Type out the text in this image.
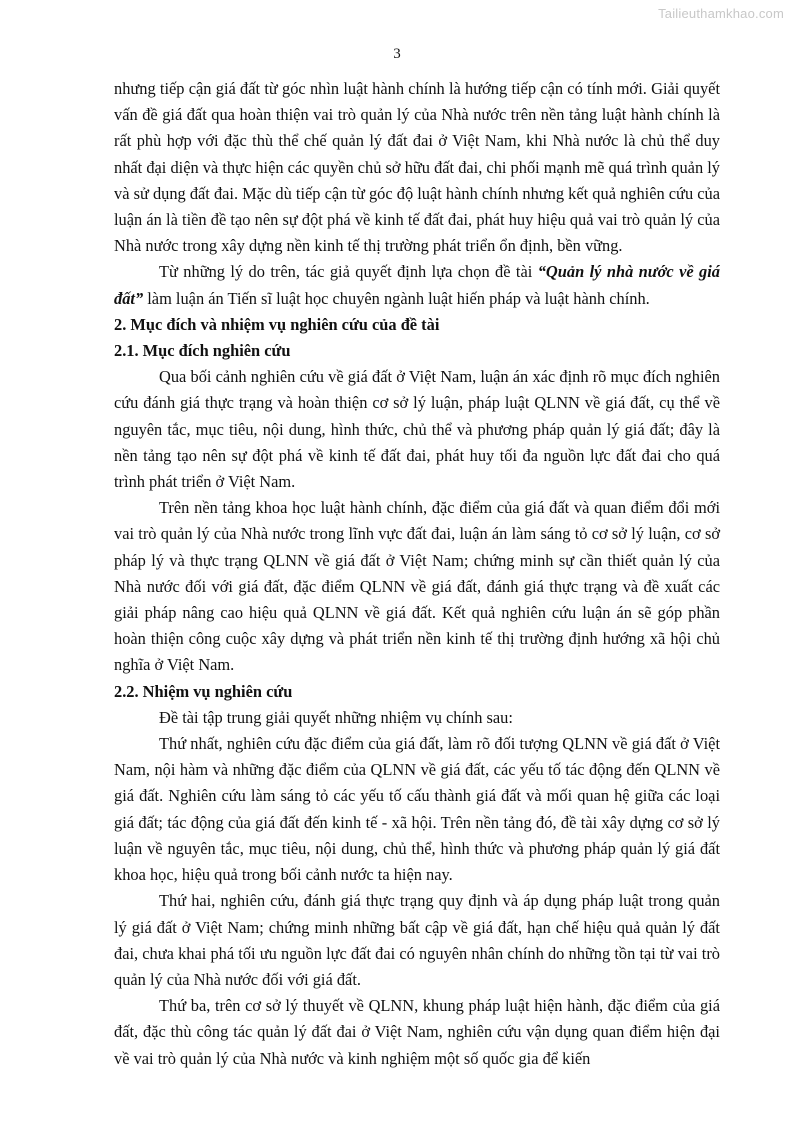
Tailieuthamkhao.com
3

nhưng tiếp cận giá đất từ góc nhìn luật hành chính là hướng tiếp cận có tính mới. Giải quyết vấn đề giá đất qua hoàn thiện vai trò quản lý của Nhà nước trên nền tảng luật hành chính là rất phù hợp với đặc thù thể chế quản lý đất đai ở Việt Nam, khi Nhà nước là chủ thể duy nhất đại diện và thực hiện các quyền chủ sở hữu đất đai, chi phối mạnh mẽ quá trình quản lý và sử dụng đất đai. Mặc dù tiếp cận từ góc độ luật hành chính nhưng kết quả nghiên cứu của luận án là tiền đề tạo nên sự đột phá về kinh tế đất đai, phát huy hiệu quả vai trò quản lý của Nhà nước trong xây dựng nền kinh tế thị trường phát triển ổn định, bền vững.

Từ những lý do trên, tác giả quyết định lựa chọn đề tài “Quản lý nhà nước về giá đất” làm luận án Tiến sĩ luật học chuyên ngành luật hiến pháp và luật hành chính.

2. Mục đích và nhiệm vụ nghiên cứu của đề tài
2.1. Mục đích nghiên cứu

Qua bối cảnh nghiên cứu về giá đất ở Việt Nam, luận án xác định rõ mục đích nghiên cứu đánh giá thực trạng và hoàn thiện cơ sở lý luận, pháp luật QLNN về giá đất, cụ thể về nguyên tắc, mục tiêu, nội dung, hình thức, chủ thể và phương pháp quản lý giá đất; đây là nền tảng tạo nên sự đột phá về kinh tế đất đai, phát huy tối đa nguồn lực đất đai cho quá trình phát triển ở Việt Nam.

Trên nền tảng khoa học luật hành chính, đặc điểm của giá đất và quan điểm đổi mới vai trò quản lý của Nhà nước trong lĩnh vực đất đai, luận án làm sáng tỏ cơ sở lý luận, cơ sở pháp lý và thực trạng QLNN về giá đất ở Việt Nam; chứng minh sự cần thiết quản lý của Nhà nước đối với giá đất, đặc điểm QLNN về giá đất, đánh giá thực trạng và đề xuất các giải pháp nâng cao hiệu quả QLNN về giá đất. Kết quả nghiên cứu luận án sẽ góp phần hoàn thiện công cuộc xây dựng và phát triển nền kinh tế thị trường định hướng xã hội chủ nghĩa ở Việt Nam.

2.2. Nhiệm vụ nghiên cứu

Đề tài tập trung giải quyết những nhiệm vụ chính sau:

Thứ nhất, nghiên cứu đặc điểm của giá đất, làm rõ đối tượng QLNN về giá đất ở Việt Nam, nội hàm và những đặc điểm của QLNN về giá đất, các yếu tố tác động đến QLNN về giá đất. Nghiên cứu làm sáng tỏ các yếu tố cấu thành giá đất và mối quan hệ giữa các loại giá đất; tác động của giá đất đến kinh tế - xã hội. Trên nền tảng đó, đề tài xây dựng cơ sở lý luận về nguyên tắc, mục tiêu, nội dung, chủ thể, hình thức và phương pháp quản lý giá đất khoa học, hiệu quả trong bối cảnh nước ta hiện nay.

Thứ hai, nghiên cứu, đánh giá thực trạng quy định và áp dụng pháp luật trong quản lý giá đất ở Việt Nam; chứng minh những bất cập về giá đất, hạn chế hiệu quả quản lý đất đai, chưa khai phá tối ưu nguồn lực đất đai có nguyên nhân chính do những tồn tại từ vai trò quản lý của Nhà nước đối với giá đất.

Thứ ba, trên cơ sở lý thuyết về QLNN, khung pháp luật hiện hành, đặc điểm của giá đất, đặc thù công tác quản lý đất đai ở Việt Nam, nghiên cứu vận dụng quan điểm hiện đại về vai trò quản lý của Nhà nước và kinh nghiệm một số quốc gia để kiến
